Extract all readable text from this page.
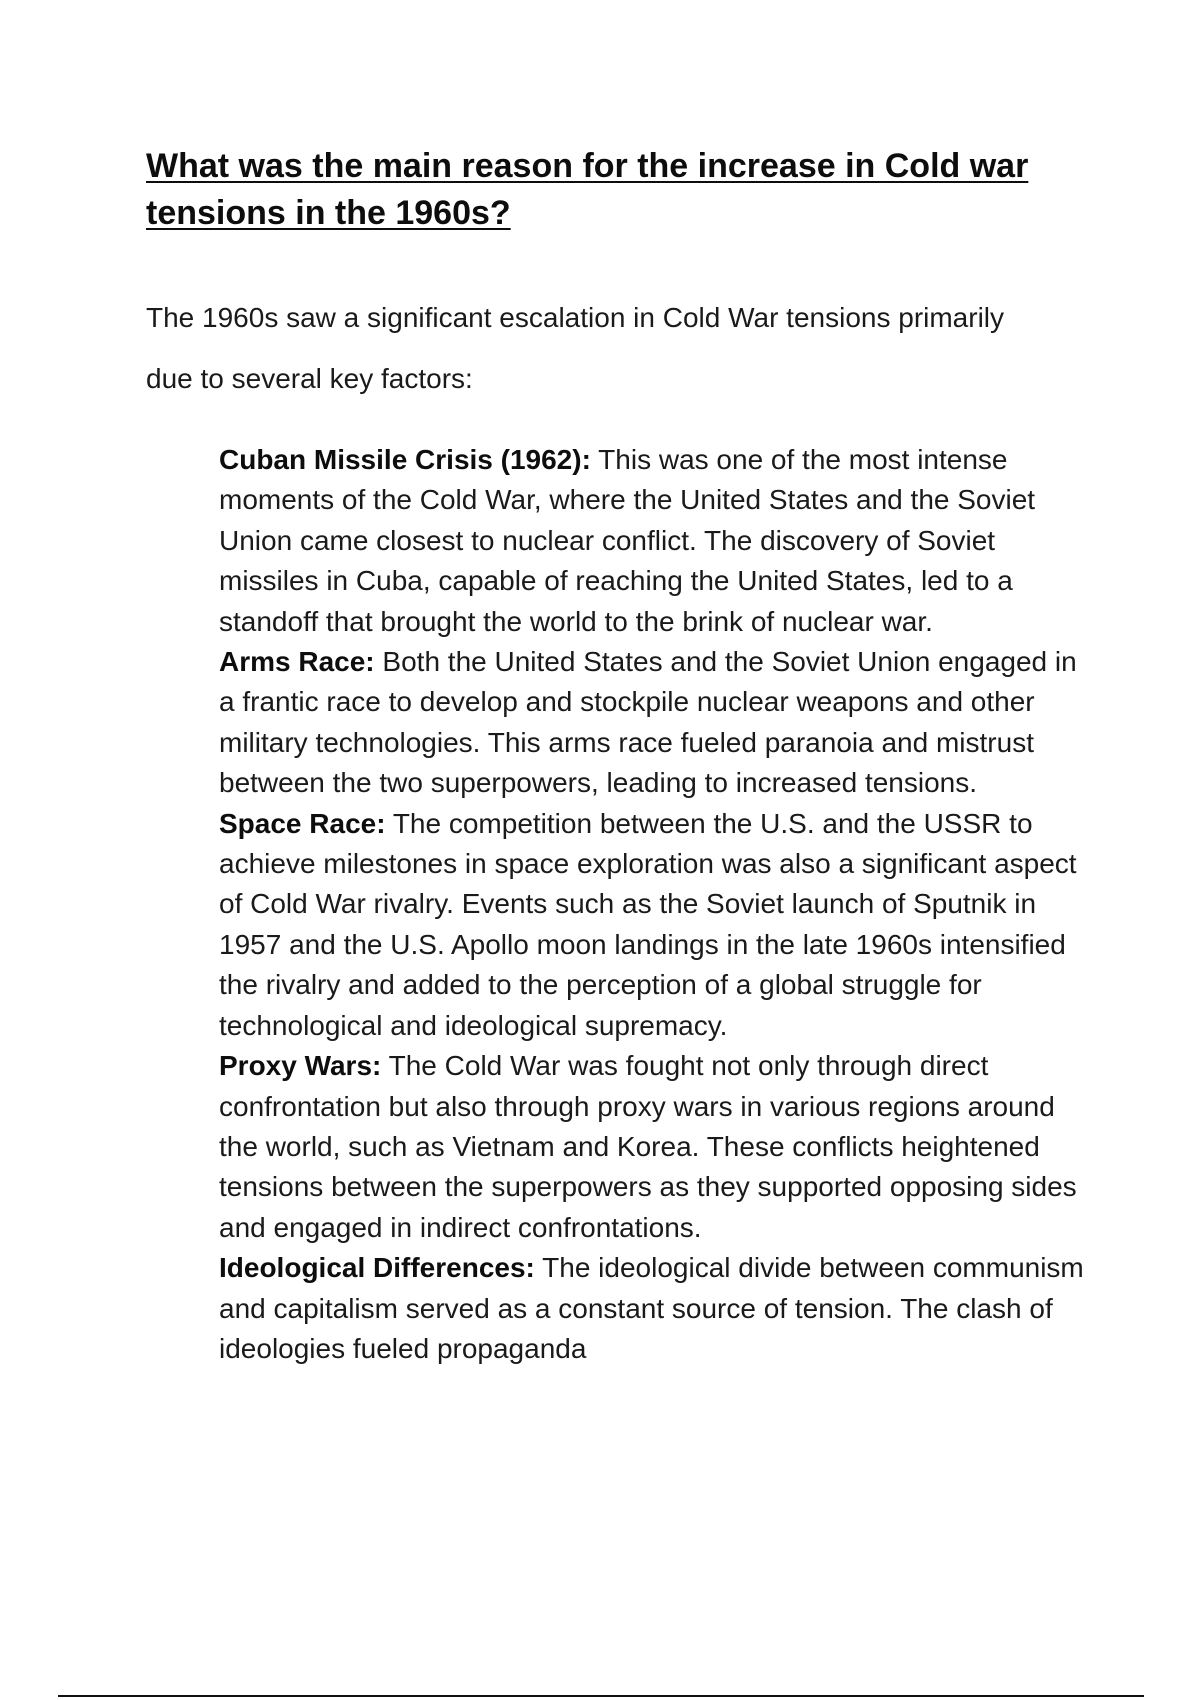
What was the main reason for the increase in Cold war tensions in the 1960s?

The 1960s saw a significant escalation in Cold War tensions primarily due to several key factors:

Cuban Missile Crisis (1962): This was one of the most intense moments of the Cold War, where the United States and the Soviet Union came closest to nuclear conflict. The discovery of Soviet missiles in Cuba, capable of reaching the United States, led to a standoff that brought the world to the brink of nuclear war.
Arms Race: Both the United States and the Soviet Union engaged in a frantic race to develop and stockpile nuclear weapons and other military technologies. This arms race fueled paranoia and mistrust between the two superpowers, leading to increased tensions.
Space Race: The competition between the U.S. and the USSR to achieve milestones in space exploration was also a significant aspect of Cold War rivalry. Events such as the Soviet launch of Sputnik in 1957 and the U.S. Apollo moon landings in the late 1960s intensified the rivalry and added to the perception of a global struggle for technological and ideological supremacy.
Proxy Wars: The Cold War was fought not only through direct confrontation but also through proxy wars in various regions around the world, such as Vietnam and Korea. These conflicts heightened tensions between the superpowers as they supported opposing sides and engaged in indirect confrontations.
Ideological Differences: The ideological divide between communism and capitalism served as a constant source of tension. The clash of ideologies fueled propaganda
